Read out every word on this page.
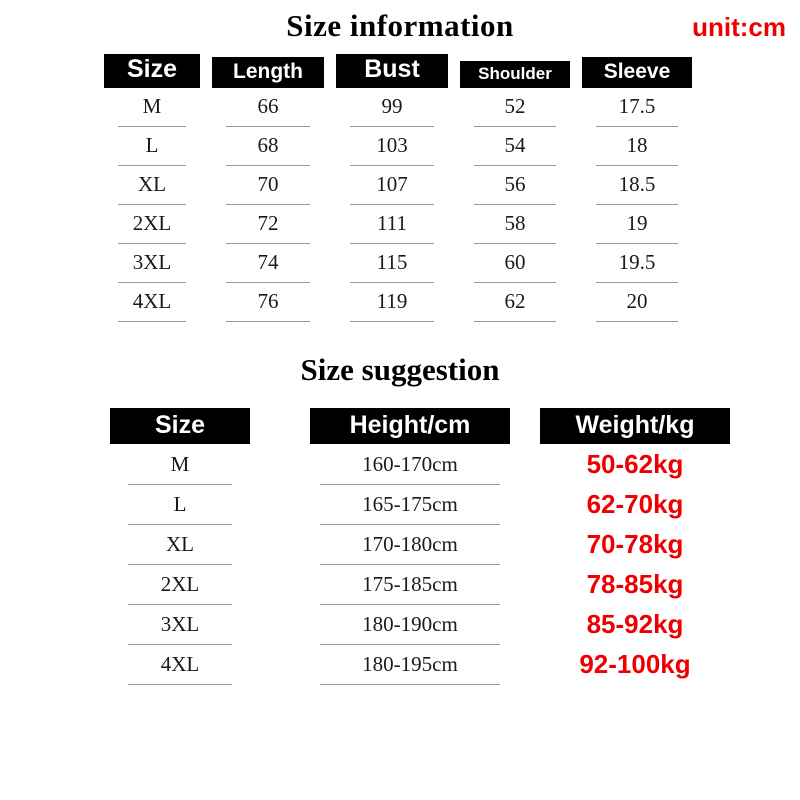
Size information	unit:cm
Size	Length	Bust	Shoulder	Sleeve
M	66	99	52	17.5
L	68	103	54	18
XL	70	107	56	18.5
2XL	72	111	58	19
3XL	74	115	60	19.5
4XL	76	119	62	20
Size suggestion
Size	Height/cm	Weight/kg
M	160-170cm	50-62kg
L	165-175cm	62-70kg
XL	170-180cm	70-78kg
2XL	175-185cm	78-85kg
3XL	180-190cm	85-92kg
4XL	180-195cm	92-100kg
